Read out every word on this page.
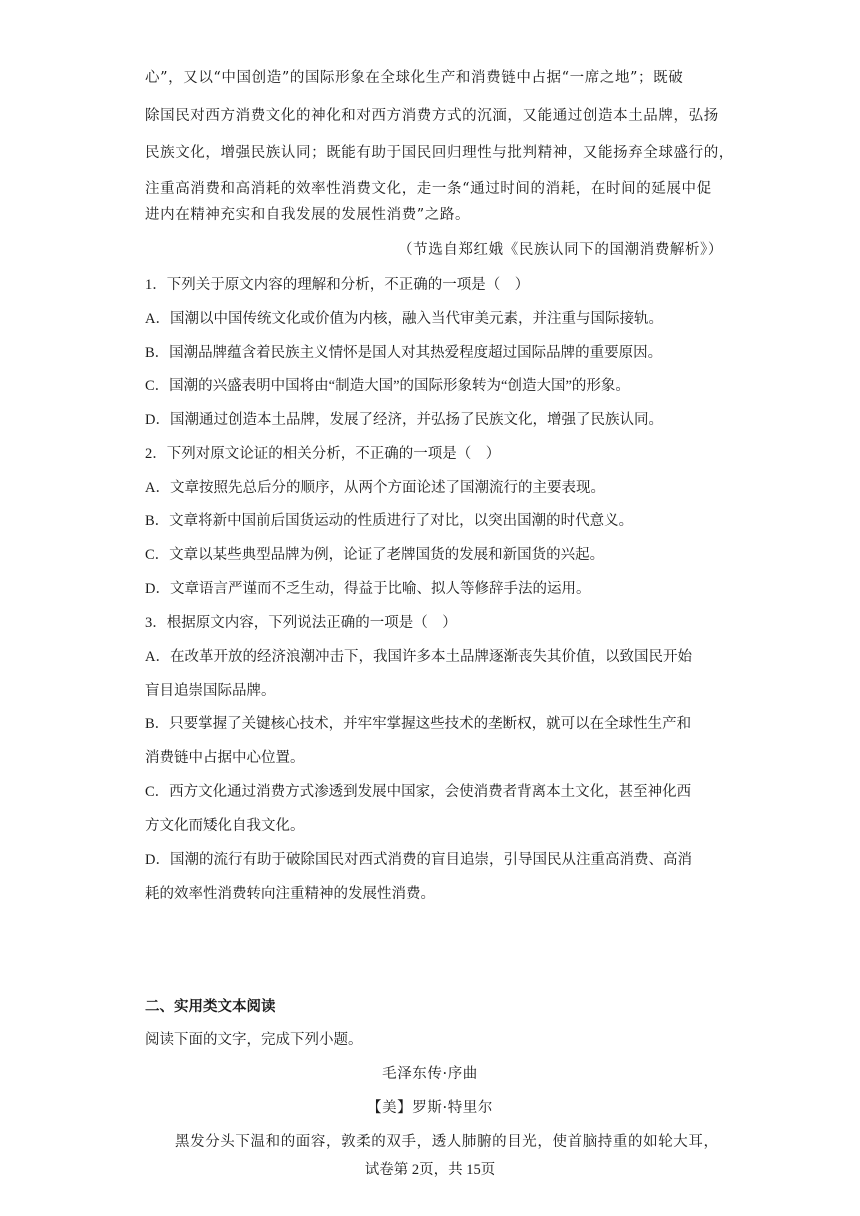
心”，又以“中国创造”的国际形象在全球化生产和消费链中占据“一席之地”；既破
除国民对西方消费文化的神化和对西方消费方式的沉湎，又能通过创造本土品牌，弘扬
民族文化，增强民族认同；既能有助于国民回归理性与批判精神，又能扬弃全球盛行的，
注重高消费和高消耗的效率性消费文化，走一条“通过时间的消耗，在时间的延展中促
进内在精神充实和自我发展的发展性消费”之路。
（节选自郑红娥《民族认同下的国潮消费解析》）
1．下列关于原文内容的理解和分析，不正确的一项是（　）
A．国潮以中国传统文化或价值为内核，融入当代审美元素，并注重与国际接轨。
B．国潮品牌蕴含着民族主义情怀是国人对其热爱程度超过国际品牌的重要原因。
C．国潮的兴盛表明中国将由“制造大国”的国际形象转为“创造大国”的形象。
D．国潮通过创造本土品牌，发展了经济，并弘扬了民族文化，增强了民族认同。
2．下列对原文论证的相关分析，不正确的一项是（　）
A．文章按照先总后分的顺序，从两个方面论述了国潮流行的主要表现。
B．文章将新中国前后国货运动的性质进行了对比，以突出国潮的时代意义。
C．文章以某些典型品牌为例，论证了老牌国货的发展和新国货的兴起。
D．文章语言严谨而不乏生动，得益于比喻、拟人等修辞手法的运用。
3．根据原文内容，下列说法正确的一项是（　）
A．在改革开放的经济浪潮冲击下，我国许多本土品牌逐渐丧失其价值，以致国民开始
盲目追崇国际品牌。
B．只要掌握了关键核心技术，并牢牢掌握这些技术的垄断权，就可以在全球性生产和
消费链中占据中心位置。
C．西方文化通过消费方式渗透到发展中国家，会使消费者背离本土文化，甚至神化西
方文化而矮化自我文化。
D．国潮的流行有助于破除国民对西式消费的盲目追崇，引导国民从注重高消费、高消
耗的效率性消费转向注重精神的发展性消费。
二、实用类文本阅读
阅读下面的文字，完成下列小题。
毛泽东传·序曲
【美】罗斯·特里尔
黑发分头下温和的面容，敦柔的双手，透人肺腑的目光，使首脑持重的如轮大耳，
试卷第 2页，共 15页
